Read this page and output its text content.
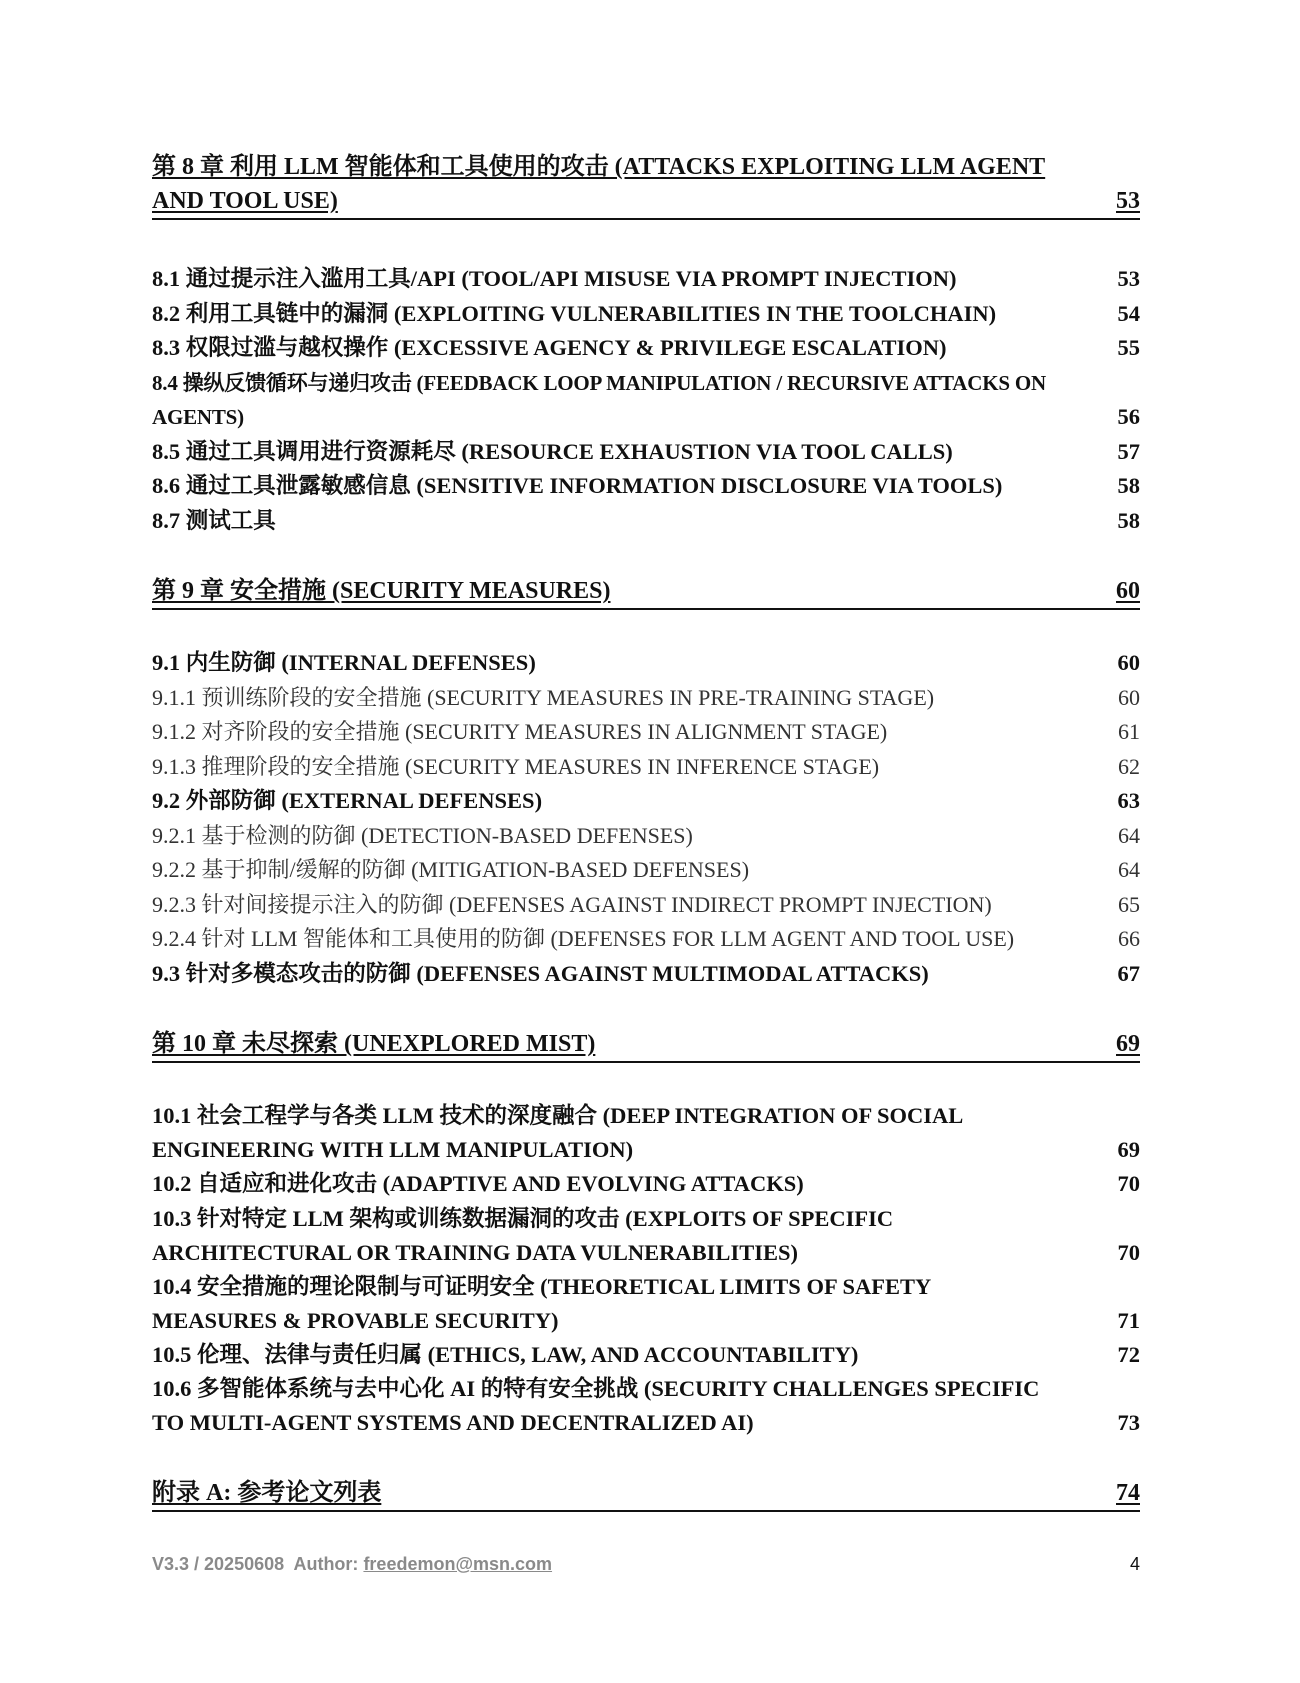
第 8 章 利用 LLM 智能体和工具使用的攻击 (ATTACKS EXPLOITING LLM AGENT AND TOOL USE)	53
8.1 通过提示注入滥用工具/API (TOOL/API MISUSE VIA PROMPT INJECTION)	53
8.2 利用工具链中的漏洞 (EXPLOITING VULNERABILITIES IN THE TOOLCHAIN)	54
8.3 权限过滥与越权操作 (EXCESSIVE AGENCY & PRIVILEGE ESCALATION)	55
8.4 操纵反馈循环与递归攻击 (FEEDBACK LOOP MANIPULATION / RECURSIVE ATTACKS ON AGENTS)	56
8.5 通过工具调用进行资源耗尽 (RESOURCE EXHAUSTION VIA TOOL CALLS)	57
8.6 通过工具泄露敏感信息 (SENSITIVE INFORMATION DISCLOSURE VIA TOOLS)	58
8.7 测试工具	58
第 9 章 安全措施 (SECURITY MEASURES)	60
9.1 内生防御 (INTERNAL DEFENSES)	60
9.1.1 预训练阶段的安全措施 (SECURITY MEASURES IN PRE-TRAINING STAGE)	60
9.1.2 对齐阶段的安全措施 (SECURITY MEASURES IN ALIGNMENT STAGE)	61
9.1.3 推理阶段的安全措施 (SECURITY MEASURES IN INFERENCE STAGE)	62
9.2 外部防御 (EXTERNAL DEFENSES)	63
9.2.1 基于检测的防御 (DETECTION-BASED DEFENSES)	64
9.2.2 基于抑制/缓解的防御 (MITIGATION-BASED DEFENSES)	64
9.2.3 针对间接提示注入的防御 (DEFENSES AGAINST INDIRECT PROMPT INJECTION)	65
9.2.4 针对 LLM 智能体和工具使用的防御 (DEFENSES FOR LLM AGENT AND TOOL USE)	66
9.3 针对多模态攻击的防御 (DEFENSES AGAINST MULTIMODAL ATTACKS)	67
第 10 章 未尽探索 (UNEXPLORED MIST)	69
10.1 社会工程学与各类 LLM 技术的深度融合 (DEEP INTEGRATION OF SOCIAL ENGINEERING WITH LLM MANIPULATION)	69
10.2 自适应和进化攻击 (ADAPTIVE AND EVOLVING ATTACKS)	70
10.3 针对特定 LLM 架构或训练数据漏洞的攻击 (EXPLOITS OF SPECIFIC ARCHITECTURAL OR TRAINING DATA VULNERABILITIES)	70
10.4 安全措施的理论限制与可证明安全 (THEORETICAL LIMITS OF SAFETY MEASURES & PROVABLE SECURITY)	71
10.5 伦理、法律与责任归属 (ETHICS, LAW, AND ACCOUNTABILITY)	72
10.6 多智能体系统与去中心化 AI 的特有安全挑战 (SECURITY CHALLENGES SPECIFIC TO MULTI-AGENT SYSTEMS AND DECENTRALIZED AI)	73
附录 A: 参考论文列表	74
V3.3 / 20250608  Author: freedemon@msn.com	4
